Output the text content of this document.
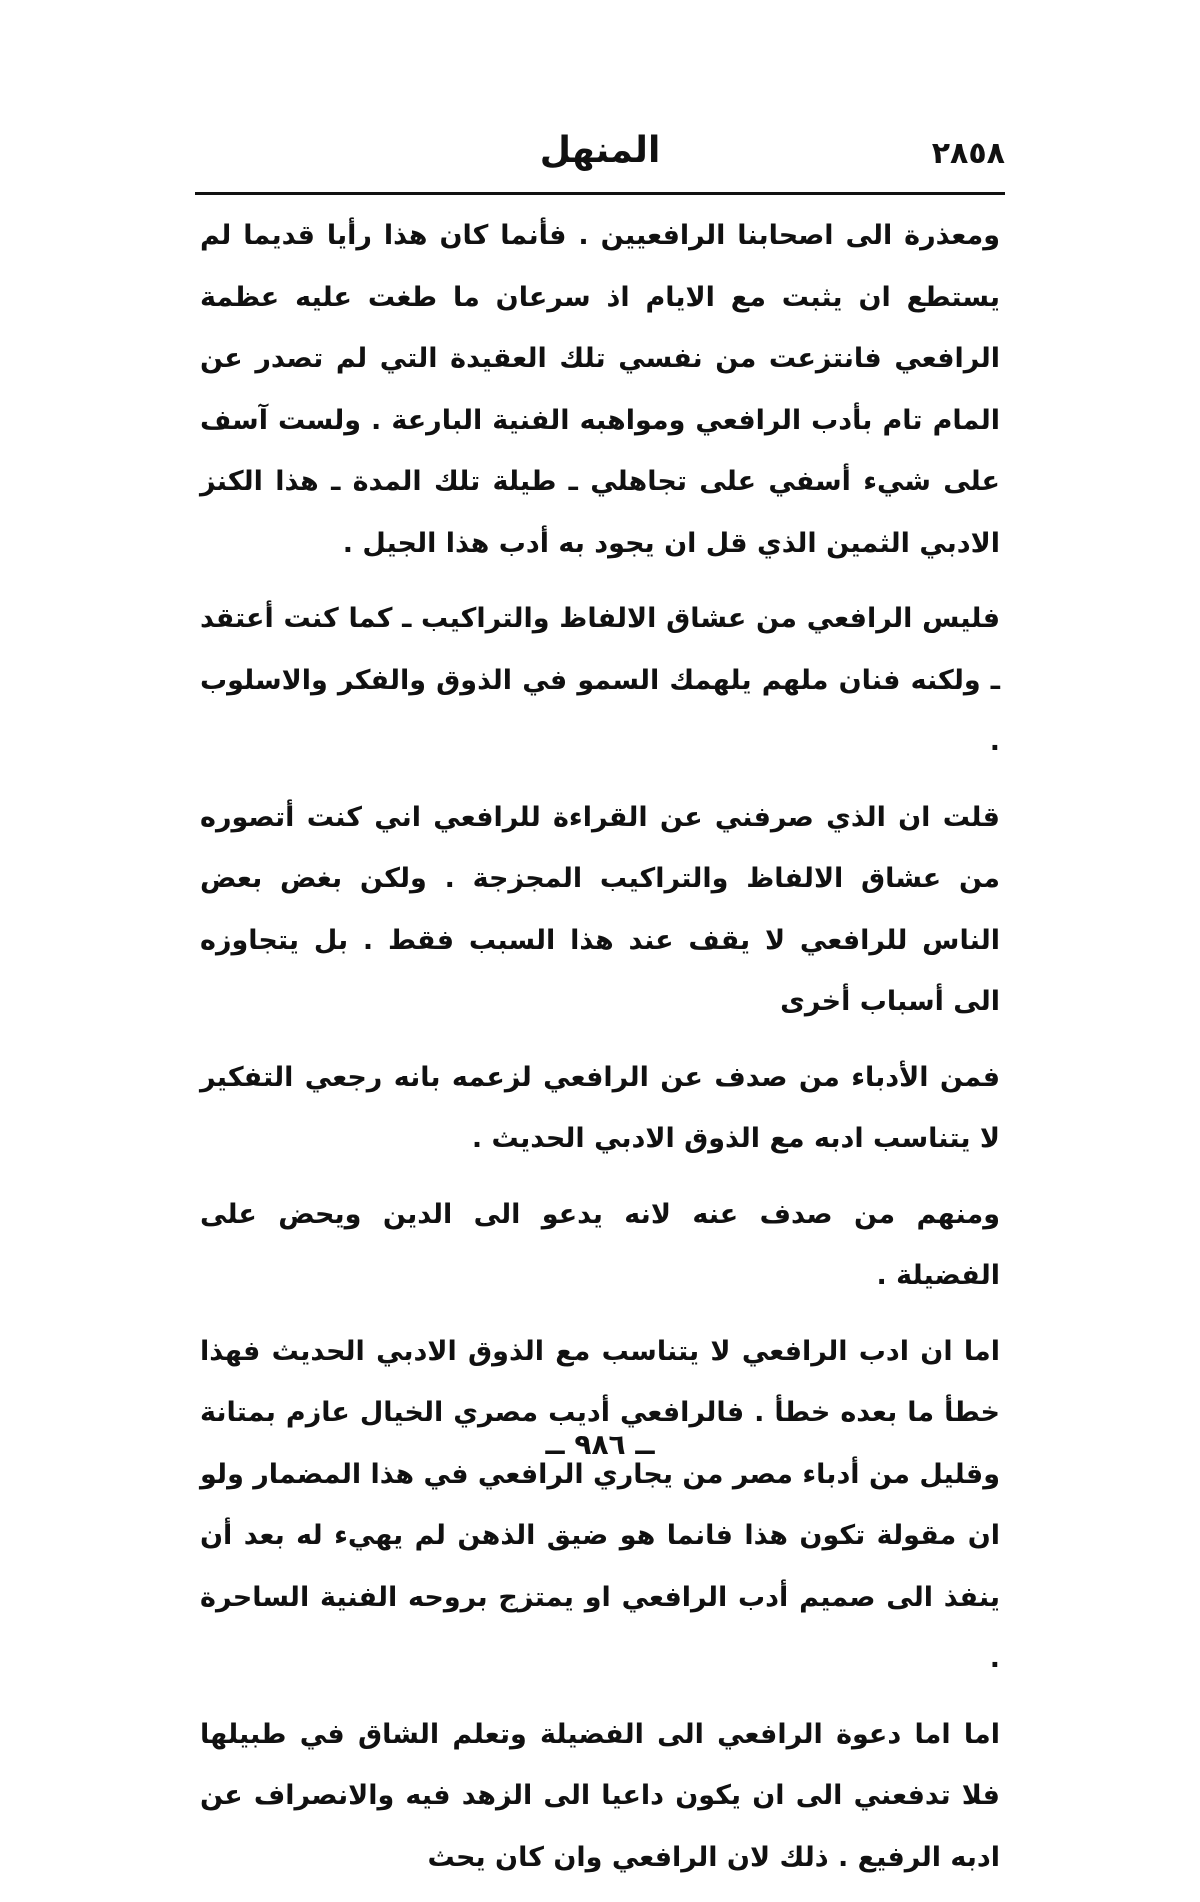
٢٨٥٨
المنهل

ومعذرة الى اصحابنا الرافعيين . فأنما كان هذا رأيا قديما لم يستطع ان يثبت مع الايام اذ سرعان ما طغت عليه عظمة الرافعي فانتزعت من نفسي تلك العقيدة التي لم تصدر عن المام تام بأدب الرافعي ومواهبه الفنية البارعة . ولست آسف على شيء أسفي على تجاهلي ـ طيلة تلك المدة ـ هذا الكنز الادبي الثمين الذي قل ان يجود به أدب هذا الجيل .

فليس الرافعي من عشاق الالفاظ والتراكيب ـ كما كنت أعتقد ـ ولكنه فنان ملهم يلهمك السمو في الذوق والفكر والاسلوب .

قلت ان الذي صرفني عن القراءة للرافعي اني كنت أتصوره من عشاق الالفاظ والتراكيب المجزجة . ولكن بغض بعض الناس للرافعي لا يقف عند هذا السبب فقط . بل يتجاوزه الى أسباب أخرى

فمن الأدباء من صدف عن الرافعي لزعمه بانه رجعي التفكير لا يتناسب ادبه مع الذوق الادبي الحديث .

ومنهم من صدف عنه لانه يدعو الى الدين ويحض على الفضيلة .

اما ان ادب الرافعي لا يتناسب مع الذوق الادبي الحديث فهذا خطأ ما بعده خطأ . فالرافعي أديب مصري الخيال عازم بمتانة وقليل من أدباء مصر من يجاري الرافعي في هذا المضمار ولو ان مقولة تكون هذا فانما هو ضيق الذهن لم يهيء له بعد أن ينفذ الى صميم أدب الرافعي او يمتزج بروحه الفنية الساحرة .

اما اما دعوة الرافعي الى الفضيلة وتعلم الشاق في طبيلها فلا تدفعني الى ان يكون داعيا الى الزهد فيه والانصراف عن ادبه الرفيع . ذلك لان الرافعي وان كان يحث

ــ ٩٨٦ ــ
